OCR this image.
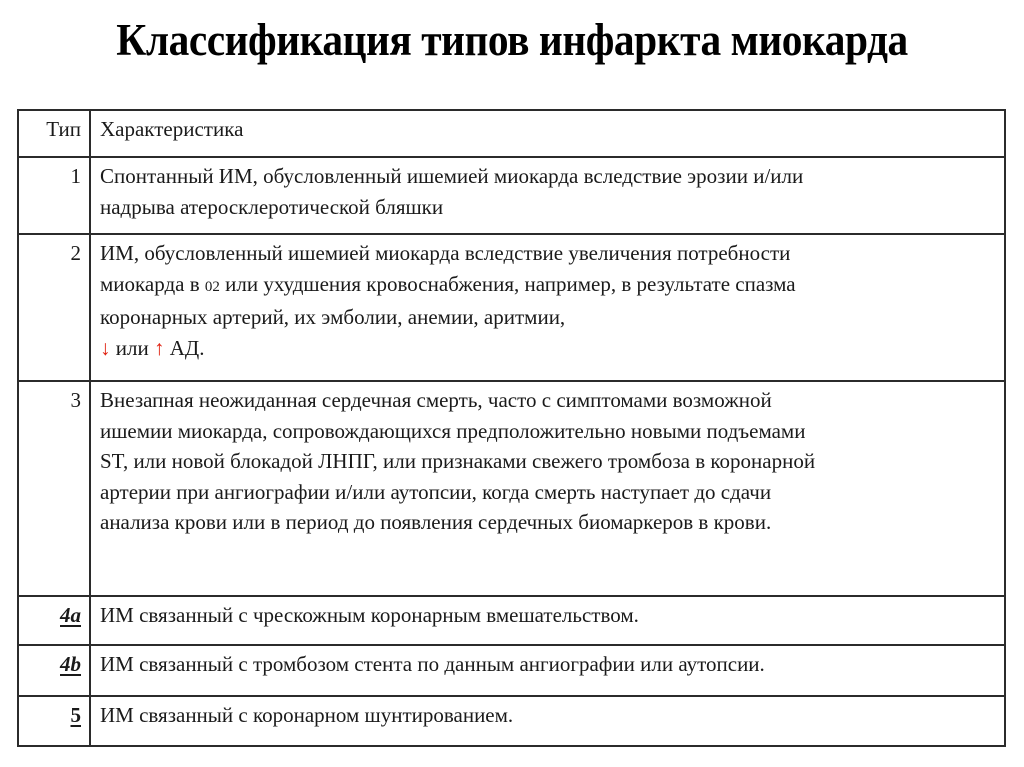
Классификация типов инфаркта миокарда
Тип	Характеристика
1	Спонтанный ИМ, обусловленный ишемией миокарда вследствие эрозии и/или
надрыва атеросклеротической бляшки

2	ИМ, обусловленный ишемией миокарда вследствие увеличения потребности
миокарда в 02 или ухудшения кровоснабжения, например, в результате спазма
коронарных артерий, их эмболии, анемии, аритмии,
↓ или ↑ АД.

3	Внезапная неожиданная сердечная смерть, часто с симптомами возможной
ишемии миокарда, сопровождающихся предположительно новыми подъемами
ST, или новой блокадой ЛНПГ, или признаками свежего тромбоза в коронарной
артерии при ангиографии и/или аутопсии, когда смерть наступает до сдачи
анализа крови или в период до появления сердечных биомаркеров в крови.

4a	ИМ связанный с чрескожным коронарным вмешательством.
4b	ИМ связанный с тромбозом стента по данным ангиографии или аутопсии.
5	ИМ связанный с коронарном шунтированием.
